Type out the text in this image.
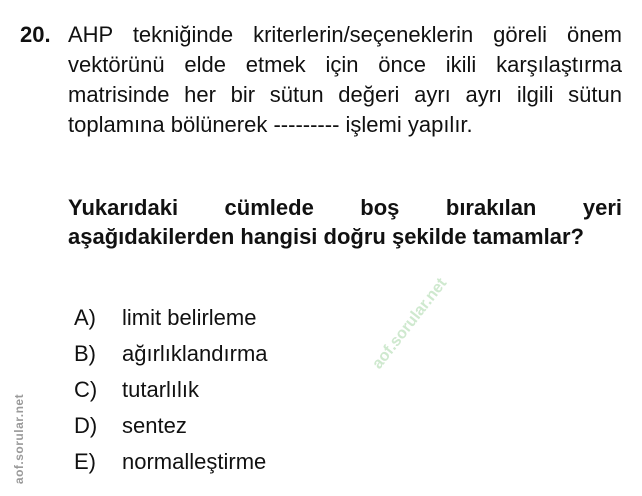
20. AHP tekniğinde kriterlerin/seçeneklerin göreli önem vektörünü elde etmek için önce ikili karşılaştırma matrisinde her bir sütun değeri ayrı ayrı ilgili sütun toplamına bölünerek --------- işlemi yapılır.
Yukarıdaki cümlede boş bırakılan yeri aşağıdakilerden hangisi doğru şekilde tamamlar?
A) limit belirleme
B) ağırlıklandırma
C) tutarlılık
D) sentez
E) normalleştirme
aof.sorular.net
aof.sorular.net
